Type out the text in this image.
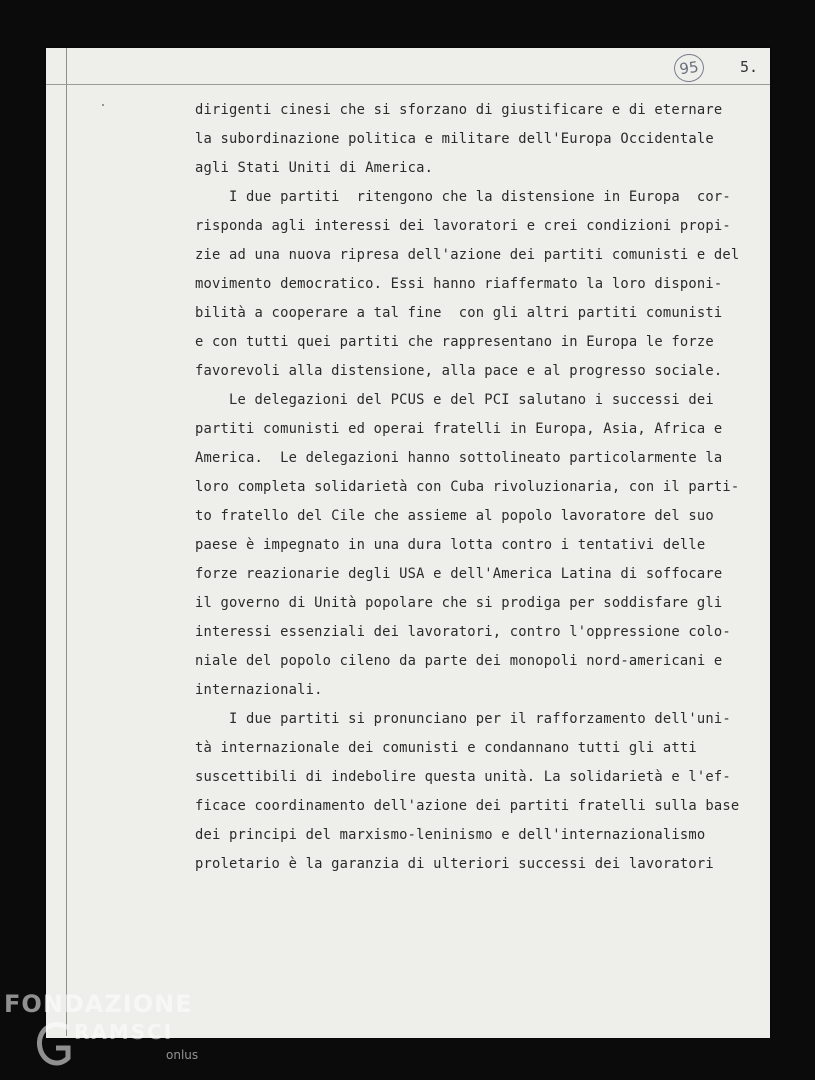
95	5.
dirigenti cinesi che si sforzano di giustificare e di eternare
la subordinazione politica e militare dell'Europa Occidentale
agli Stati Uniti di America.
I due partiti  ritengono che la distensione in Europa  cor-
risponda agli interessi dei lavoratori e crei condizioni propi-
zie ad una nuova ripresa dell'azione dei partiti comunisti e del
movimento democratico. Essi hanno riaffermato la loro disponi-
bilità a cooperare a tal fine  con gli altri partiti comunisti
e con tutti quei partiti che rappresentano in Europa le forze
favorevoli alla distensione, alla pace e al progresso sociale.
Le delegazioni del PCUS e del PCI salutano i successi dei
partiti comunisti ed operai fratelli in Europa, Asia, Africa e
America.  Le delegazioni hanno sottolineato particolarmente la
loro completa solidarietà con Cuba rivoluzionaria, con il parti-
to fratello del Cile che assieme al popolo lavoratore del suo
paese è impegnato in una dura lotta contro i tentativi delle
forze reazionarie degli USA e dell'America Latina di soffocare
il governo di Unità popolare che si prodiga per soddisfare gli
interessi essenziali dei lavoratori, contro l'oppressione colo-
niale del popolo cileno da parte dei monopoli nord-americani e
internazionali.
I due partiti si pronunciano per il rafforzamento dell'uni-
tà internazionale dei comunisti e condannano tutti gli atti
suscettibili di indebolire questa unità. La solidarietà e l'ef-
ficace coordinamento dell'azione dei partiti fratelli sulla base
dei principi del marxismo-leninismo e dell'internazionalismo
proletario è la garanzia di ulteriori successi dei lavoratori
FONDAZIONE
RAMSCI
onlus
